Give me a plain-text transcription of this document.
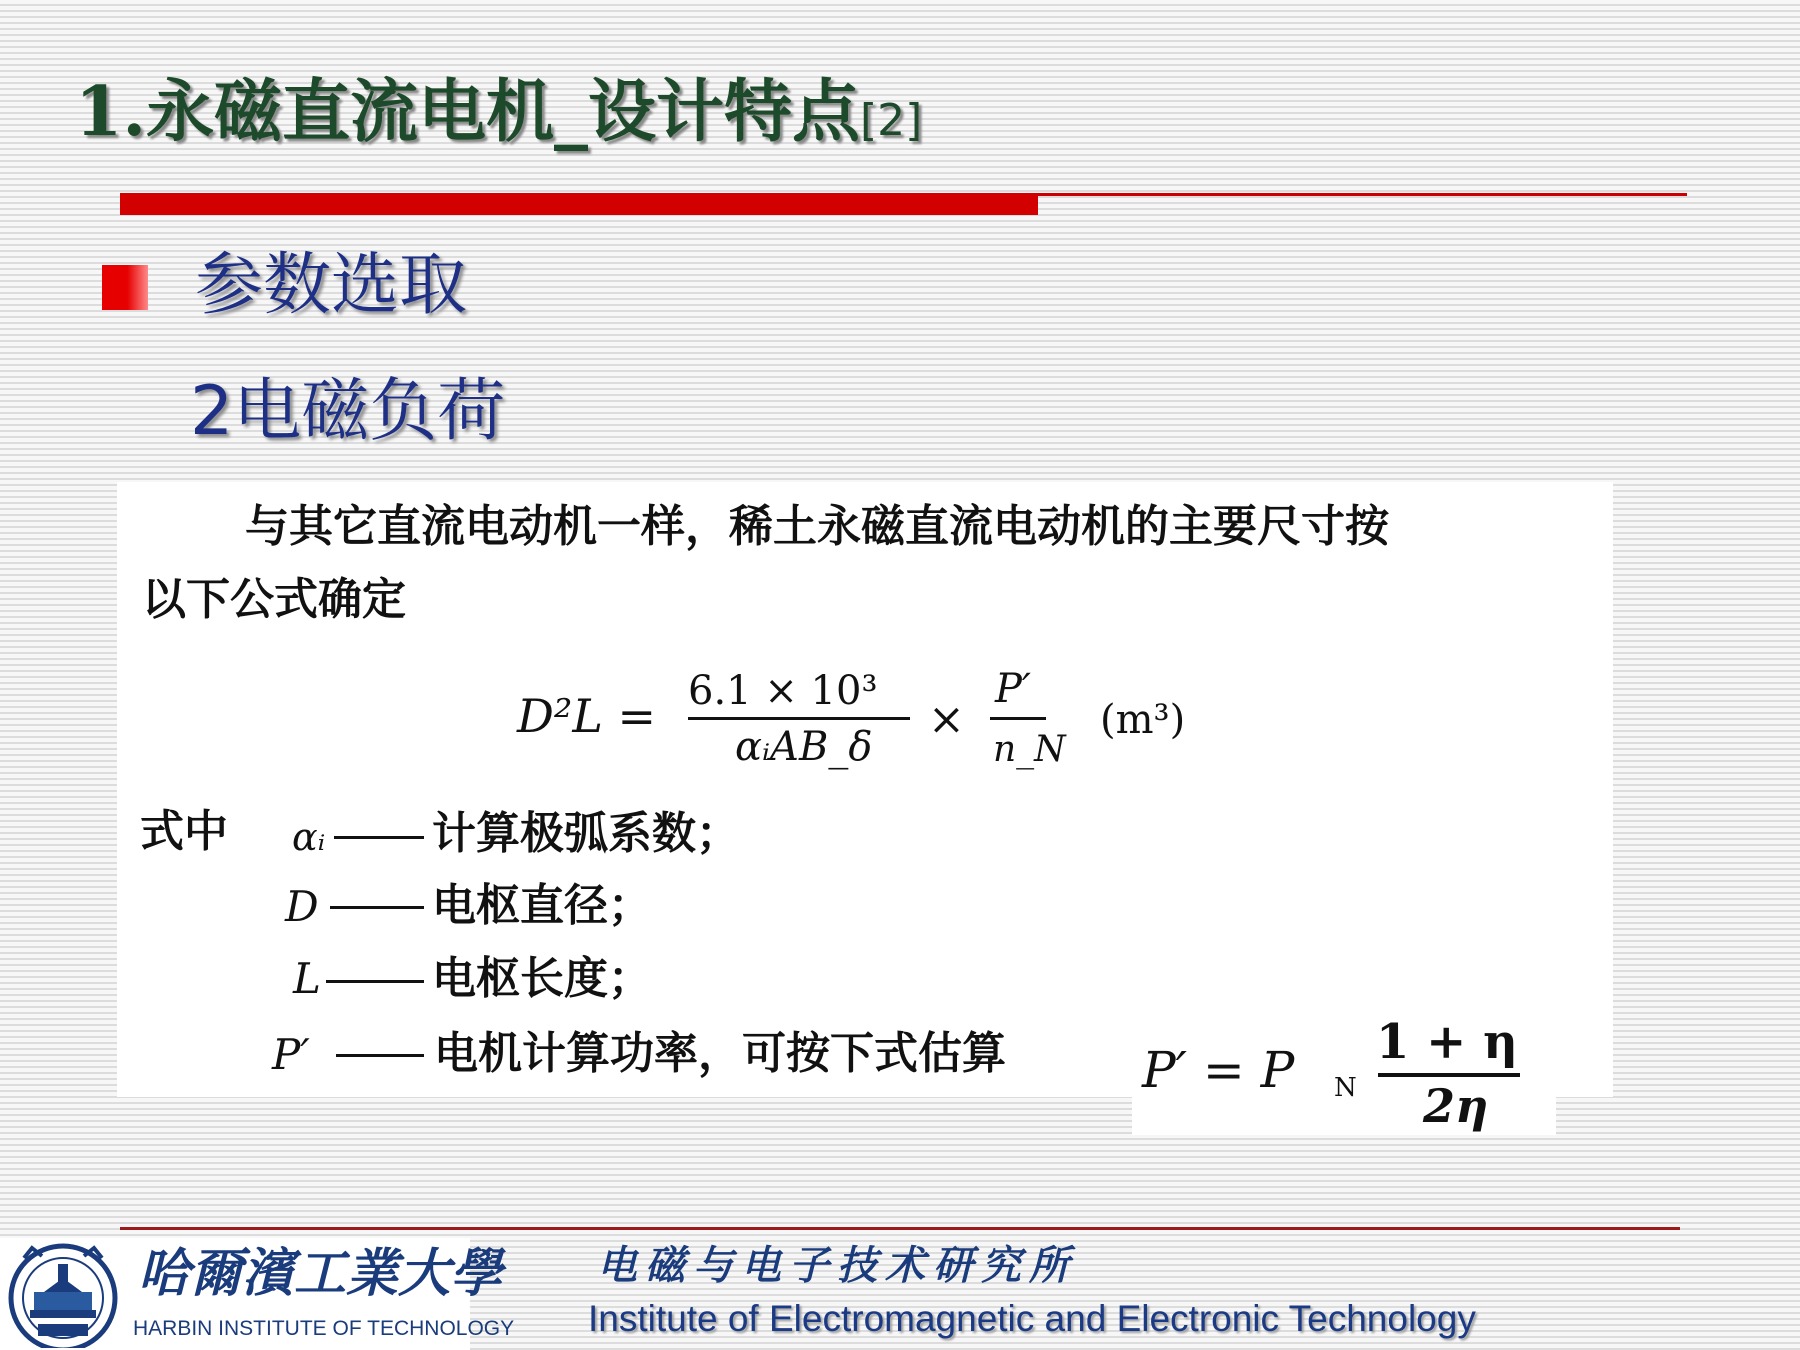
1.永磁直流电机_设计特点[2]

参数选取

2电磁负荷

与其它直流电动机一样，稀土永磁直流电动机的主要尺寸按

以下公式确定

D²L = 6.1 × 10³
αᵢAB_δ
×
P′
n_N
(m³)

式中 αᵢ 计算极弧系数；

D	电枢直径；

L	电枢长度；

P′	电机计算功率，可按下式估算	P′ = P N
1 + η
2η

哈爾濱工業大學

HARBIN INSTITUTE OF TECHNOLOGY

电磁与电子技术研究所

Institute of Electromagnetic and Electronic Technology
